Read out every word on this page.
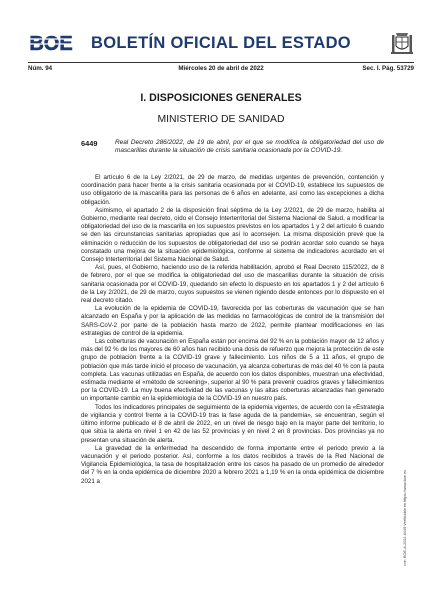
BOE	BOLETÍN OFICIAL DEL ESTADO
Núm. 94	Miércoles 20 de abril de 2022	Sec. I. Pág. 53729
I. DISPOSICIONES GENERALES
MINISTERIO DE SANIDAD
6449	Real Decreto 286/2022, de 19 de abril, por el que se modifica la obligatoriedad del uso de mascarillas durante la situación de crisis sanitaria ocasionada por la COVID-19.

El artículo 6 de la Ley 2/2021, de 29 de marzo, de medidas urgentes de prevención, contención y coordinación para hacer frente a la crisis sanitaria ocasionada por el COVID-19, establece los supuestos de uso obligatorio de la mascarilla para las personas de 6 años en adelante, así como las excepciones a dicha obligación.

Asimismo, el apartado 2 de la disposición final séptima de la Ley 2/2021, de 29 de marzo, habilita al Gobierno, mediante real decreto, oído el Consejo Interterritorial del Sistema Nacional de Salud, a modificar la obligatoriedad del uso de la mascarilla en los supuestos previstos en los apartados 1 y 2 del artículo 6 cuando se den las circunstancias sanitarias apropiadas que así lo aconsejen. La misma disposición prevé que la eliminación o reducción de los supuestos de obligatoriedad del uso se podrán acordar solo cuando se haya constatado una mejora de la situación epidemiológica, conforme al sistema de indicadores acordado en el Consejo Interterritorial del Sistema Nacional de Salud.

Así, pues, el Gobierno, haciendo uso de la referida habilitación, aprobó el Real Decreto 115/2022, de 8 de febrero, por el que se modifica la obligatoriedad del uso de mascarillas durante la situación de crisis sanitaria ocasionada por el COVID-19, quedando sin efecto lo dispuesto en los apartados 1 y 2 del artículo 6 de la Ley 2/2021, de 29 de marzo, cuyos supuestos se vienen rigiendo desde entonces por lo dispuesto en el real decreto citado.

La evolución de la epidemia de COVID-19, favorecida por las coberturas de vacunación que se han alcanzado en España y por la aplicación de las medidas no farmacológicas de control de la transmisión del SARS-CoV-2 por parte de la población hasta marzo de 2022, permite plantear modificaciones en las estrategias de control de la epidemia.

Las coberturas de vacunación en España están por encima del 92 % en la población mayor de 12 años y más del 92 % de los mayores de 60 años han recibido una dosis de refuerzo que mejora la protección de este grupo de población frente a la COVID-19 grave y fallecimiento. Los niños de 5 a 11 años, el grupo de población que más tarde inició el proceso de vacunación, ya alcanza coberturas de más del 40 % con la pauta completa. Las vacunas utilizadas en España, de acuerdo con los datos disponibles, muestran una efectividad, estimada mediante el «método de screening», superior al 90 % para prevenir cuadros graves y fallecimientos por la COVID-19. La muy buena efectividad de las vacunas y las altas coberturas alcanzadas han generado un importante cambio en la epidemiología de la COVID-19 en nuestro país.

Todos los indicadores principales de seguimiento de la epidemia vigentes, de acuerdo con la «Estrategia de vigilancia y control frente a la COVID-19 tras la fase aguda de la pandemia», se encuentran, según el último informe publicado el 8 de abril de 2022, en un nivel de riesgo bajo en la mayor parte del territorio, lo que sitúa la alerta en nivel 1 en 42 de las 52 provincias y en nivel 2 en 8 provincias. Dos provincias ya no presentan una situación de alerta.

La gravedad de la enfermedad ha descendido de forma importante entre el periodo previo a la vacunación y el periodo posterior. Así, conforme a los datos recibidos a través de la Red Nacional de Vigilancia Epidemiológica, la tasa de hospitalización entre los casos ha pasado de un promedio de alrededor del 7 % en la onda epidémica de diciembre 2020 a febrero 2021 a 1,19 % en la onda epidémica de diciembre 2021 a	cve: BOE-A-2022-6449 Verificable en https://www.boe.es
